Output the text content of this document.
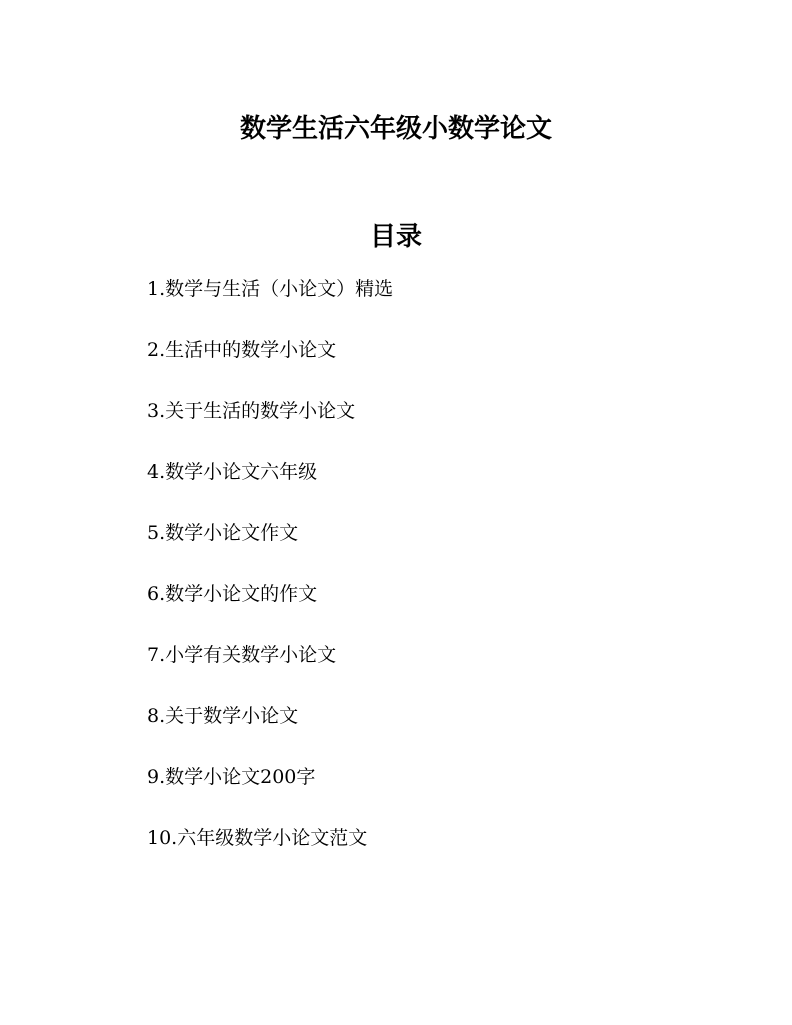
数学生活六年级小数学论文
目录
1.数学与生活（小论文）精选
2.生活中的数学小论文
3.关于生活的数学小论文
4.数学小论文六年级
5.数学小论文作文
6.数学小论文的作文
7.小学有关数学小论文
8.关于数学小论文
9.数学小论文200字
10.六年级数学小论文范文
